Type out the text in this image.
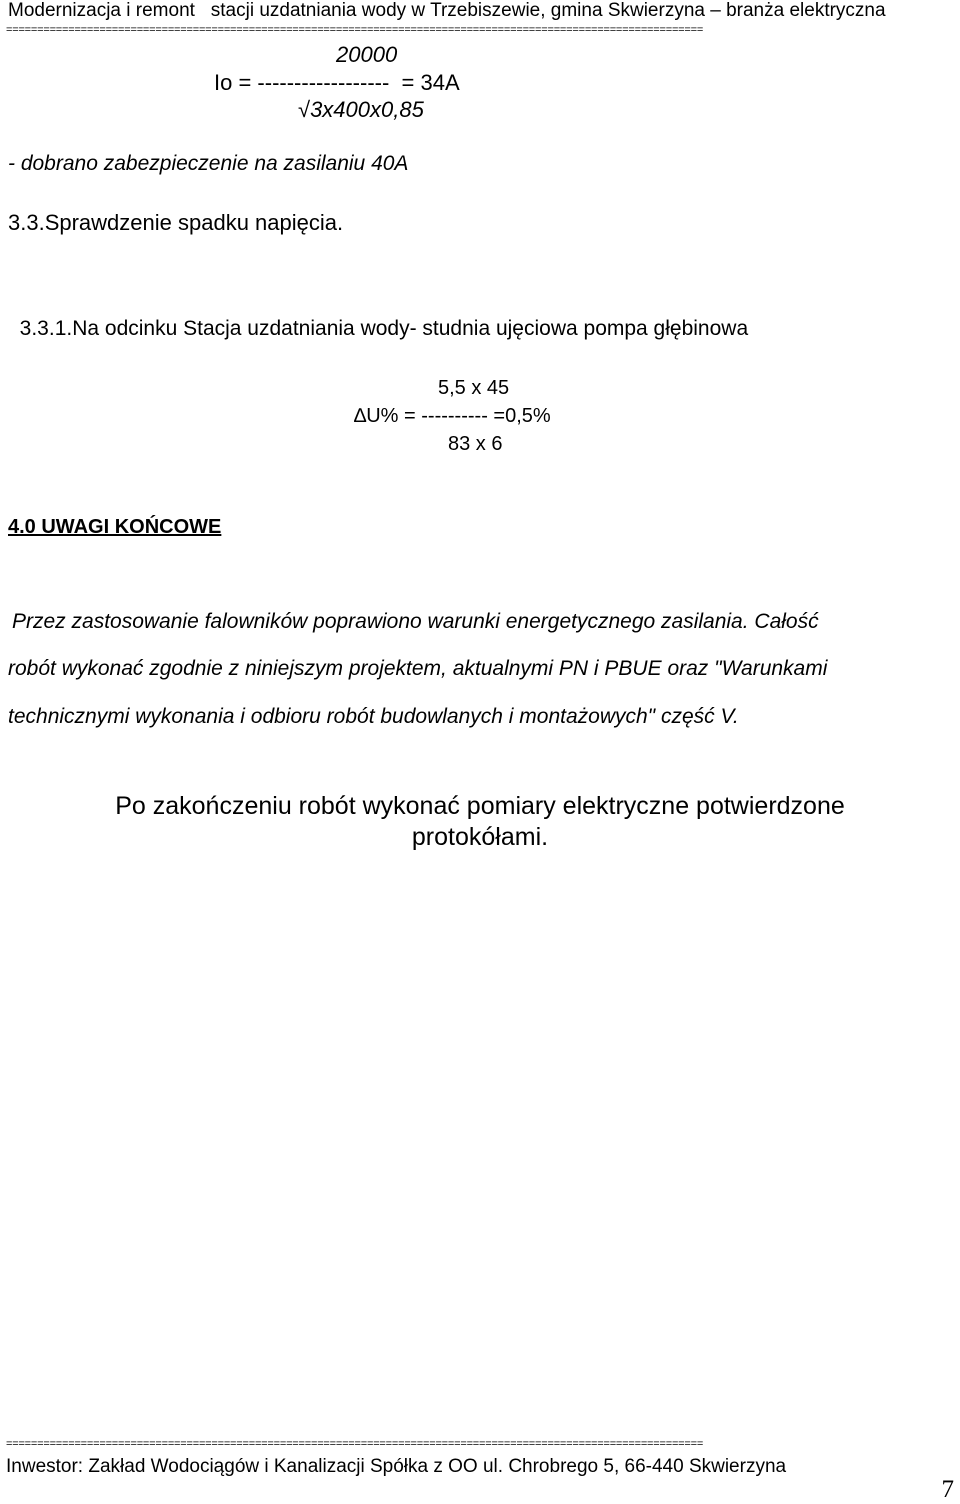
Modernizacja i remont   stacji uzdatniania wody w Trzebiszewie, gmina Skwierzyna – branża elektryczna
================================================================================================================
20000
Io = ------------------  = 34A
√3x400x0,85
- dobrano zabezpieczenie na zasilaniu 40A
3.3.Sprawdzenie spadku napięcia.

3.3.1.Na odcinku Stacja uzdatniania wody- studnia ujęciowa pompa głębinowa

5,5 x 45
∆U% = ---------- =0,5%
83 x 6
4.0 UWAGI KOŃCOWE
Przez zastosowanie falowników poprawiono warunki energetycznego zasilania. Całość
robót wykonać zgodnie z niniejszym projektem, aktualnymi PN i PBUE oraz "Warunkami
technicznymi wykonania i odbioru robót budowlanych i montażowych" część V.
Po zakończeniu robót wykonać pomiary elektryczne potwierdzone
protokółami.
================================================================================================================
Inwestor: Zakład Wodociągów i Kanalizacji Spółka z OO ul. Chrobrego 5, 66-440 Skwierzyna
7
